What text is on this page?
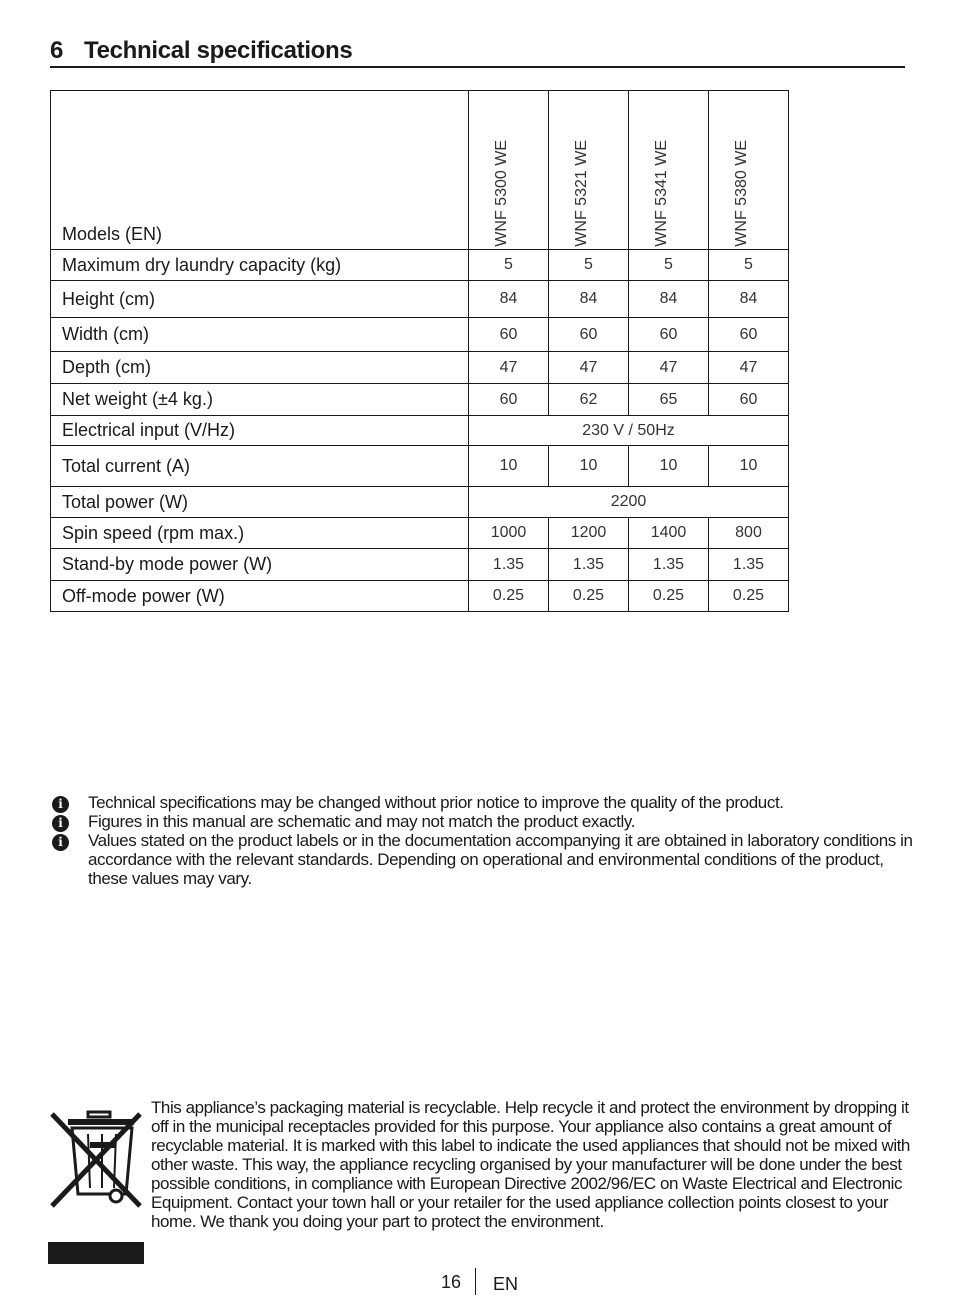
6 Technical specifications
Models (EN)	WNF 5300 WE	WNF 5321 WE	WNF 5341 WE	WNF 5380 WE

Maximum dry laundry capacity (kg)	5	5	5	5
Height (cm)	84	84	84	84
Width (cm)	60	60	60	60
Depth (cm)	47	47	47	47
Net weight (±4 kg.)	60	62	65	60
Electrical input (V/Hz)	230 V / 50Hz			
Total current (A)	10	10	10	10
Total power (W)	2200			
Spin speed (rpm max.)	1000	1200	1400	800
Stand-by mode power (W)	1.35	1.35	1.35	1.35
Off-mode power (W)	0.25	0.25	0.25	0.25
i
i
i

Technical specifications may be changed without prior notice to improve the quality of the product.

Figures in this manual are schematic and may not match the product exactly.

Values stated on the product labels or in the documentation accompanying it are obtained in laboratory conditions in accordance with the relevant standards. Depending on operational and environmental conditions of the product, these values may vary.

This appliance’s packaging material is recyclable. Help recycle it and protect the environment by dropping it off in the municipal receptacles provided for this purpose. Your appliance also contains a great amount of recyclable material. It is marked with this label to indicate the used appliances that should not be mixed with other waste. This way, the appliance recycling organised by your manufacturer will be done under the best possible conditions, in compliance with European Directive 2002/96/EC on Waste Electrical and Electronic Equipment. Contact your town hall or your retailer for the used appliance collection points closest to your home. We thank you doing your part to protect the environment.
16 EN
